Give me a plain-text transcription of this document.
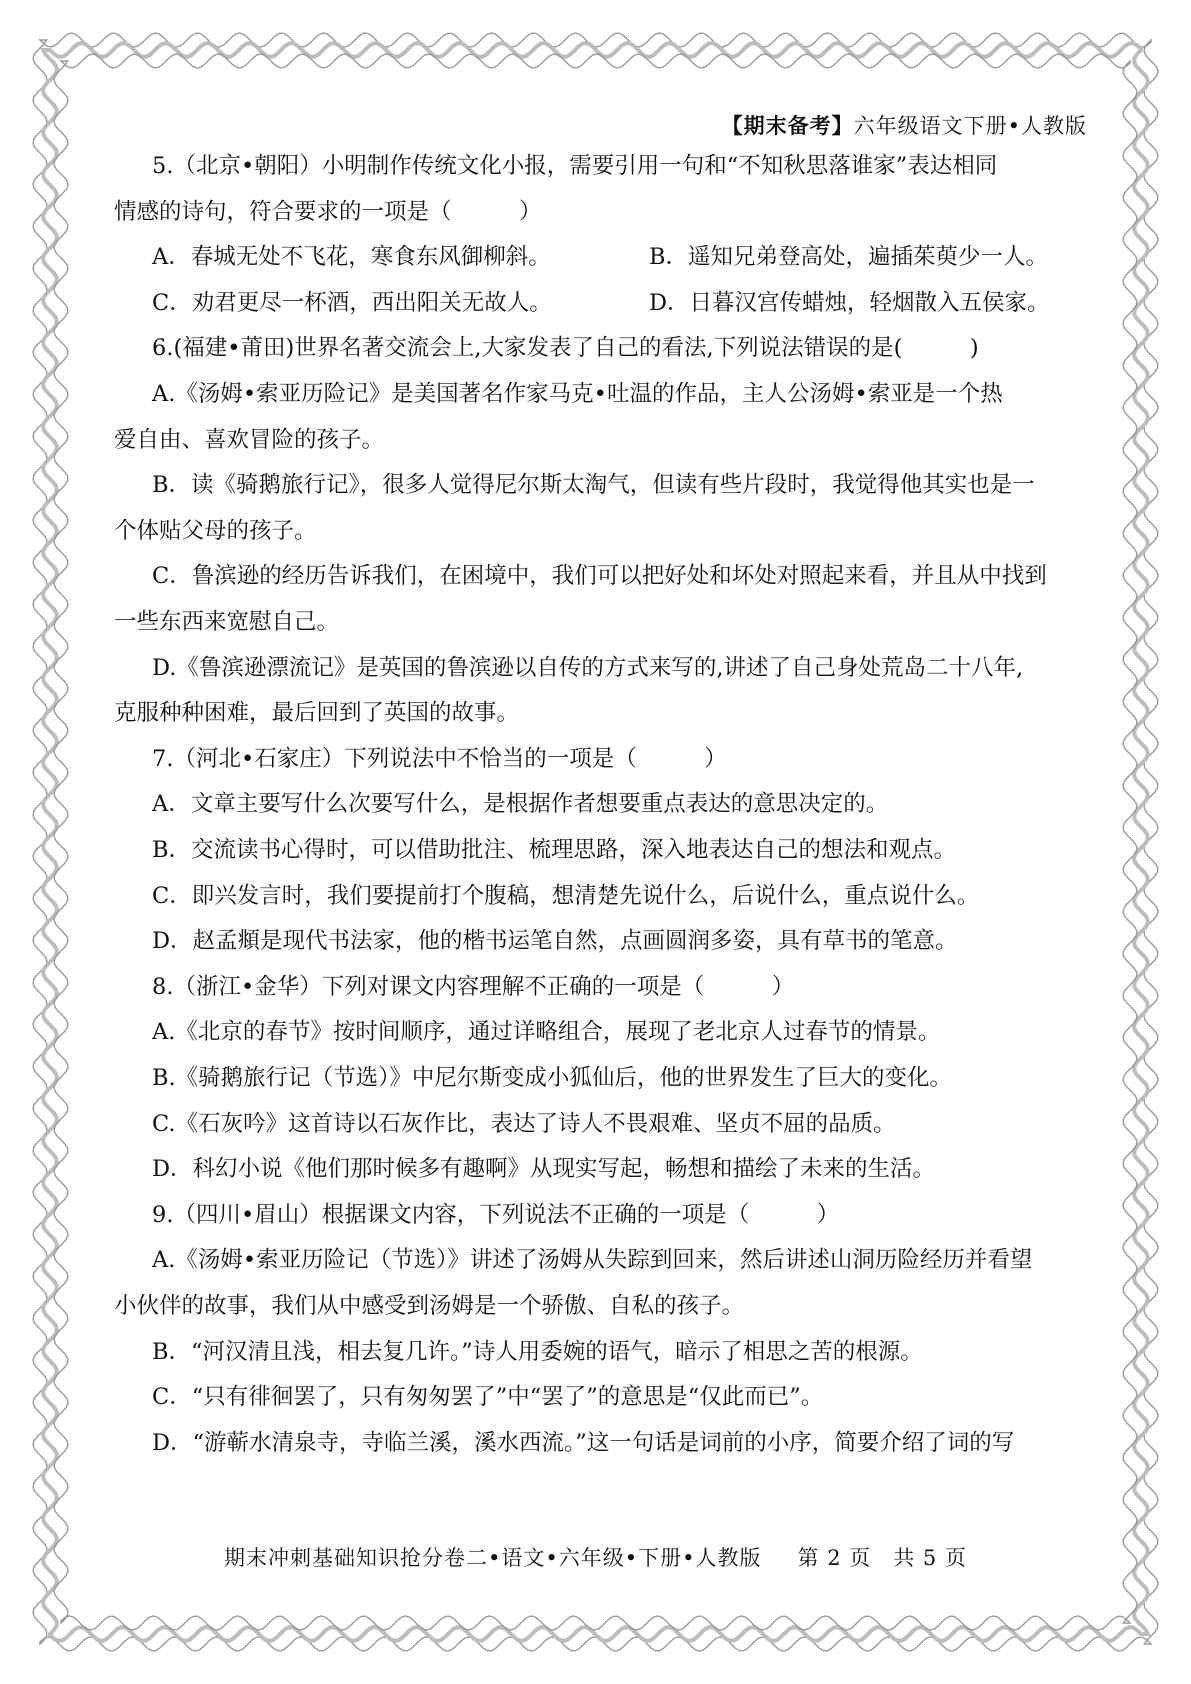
【期末备考】六年级语文下册•人教版
5.（北京•朝阳）小明制作传统文化小报，需要引用一句和“不知秋思落谁家”表达相同
情感的诗句，符合要求的一项是（　　　）
A．春城无处不飞花，寒食东风御柳斜。	B．遥知兄弟登高处，遍插茱萸少一人。
C．劝君更尽一杯酒，西出阳关无故人。	D．日暮汉宫传蜡烛，轻烟散入五侯家。
6.(福建•莆田)世界名著交流会上,大家发表了自己的看法,下列说法错误的是(　　　)
A.《汤姆•索亚历险记》是美国著名作家马克•吐温的作品，主人公汤姆•索亚是一个热
爱自由、喜欢冒险的孩子。
B．读《骑鹅旅行记》，很多人觉得尼尔斯太淘气，但读有些片段时，我觉得他其实也是一
个体贴父母的孩子。
C．鲁滨逊的经历告诉我们，在困境中，我们可以把好处和坏处对照起来看，并且从中找到
一些东西来宽慰自己。
D.《鲁滨逊漂流记》是英国的鲁滨逊以自传的方式来写的,讲述了自己身处荒岛二十八年,
克服种种困难，最后回到了英国的故事。
7.（河北•石家庄）下列说法中不恰当的一项是（　　　）
A．文章主要写什么次要写什么，是根据作者想要重点表达的意思决定的。
B．交流读书心得时，可以借助批注、梳理思路，深入地表达自己的想法和观点。
C．即兴发言时，我们要提前打个腹稿，想清楚先说什么，后说什么，重点说什么。
D．赵孟頫是现代书法家，他的楷书运笔自然，点画圆润多姿，具有草书的笔意。
8.（浙江•金华）下列对课文内容理解不正确的一项是（　　　）
A.《北京的春节》按时间顺序，通过详略组合，展现了老北京人过春节的情景。
B.《骑鹅旅行记（节选）》中尼尔斯变成小狐仙后，他的世界发生了巨大的变化。
C.《石灰吟》这首诗以石灰作比，表达了诗人不畏艰难、坚贞不屈的品质。
D．科幻小说《他们那时候多有趣啊》从现实写起，畅想和描绘了未来的生活。
9.（四川•眉山）根据课文内容，下列说法不正确的一项是（　　　）
A.《汤姆•索亚历险记（节选）》讲述了汤姆从失踪到回来，然后讲述山洞历险经历并看望
小伙伴的故事，我们从中感受到汤姆是一个骄傲、自私的孩子。
B．“河汉清且浅，相去复几许。”诗人用委婉的语气，暗示了相思之苦的根源。
C．“只有徘徊罢了，只有匆匆罢了”中“罢了”的意思是“仅此而已”。
D．“游蕲水清泉寺，寺临兰溪，溪水西流。”这一句话是词前的小序，简要介绍了词的写
期末冲刺基础知识抢分卷二•语文•六年级•下册•人教版 第 2 页　共 5 页
